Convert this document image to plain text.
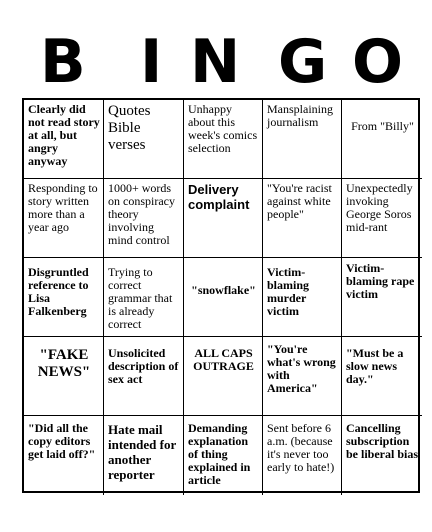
B I N G O
Clearly did not read story at all, but angry anyway
Quotes Bible verses
Unhappy about this week's comics selection
Mansplaining journalism	From "Billy"
Responding to story written more than a year ago
1000+ words on conspiracy theory involving mind control
Delivery complaint
"You're racist against white people"
Unexpectedly invoking George Soros mid-rant
Disgruntled reference to Lisa Falkenberg
Trying to correct grammar that is already correct
"snowflake"
Victim-blaming murder victim
Victim-blaming rape victim
"FAKE NEWS"
Unsolicited description of sex act
ALL CAPS OUTRAGE
"You're what's wrong with America"
"Must be a slow news day."
"Did all the copy editors get laid off?"
Hate mail intended for another reporter
Demanding explanation of thing explained in article
Sent before 6 a.m. (because it's never too early to hate!)
Cancelling subscription be liberal bias
